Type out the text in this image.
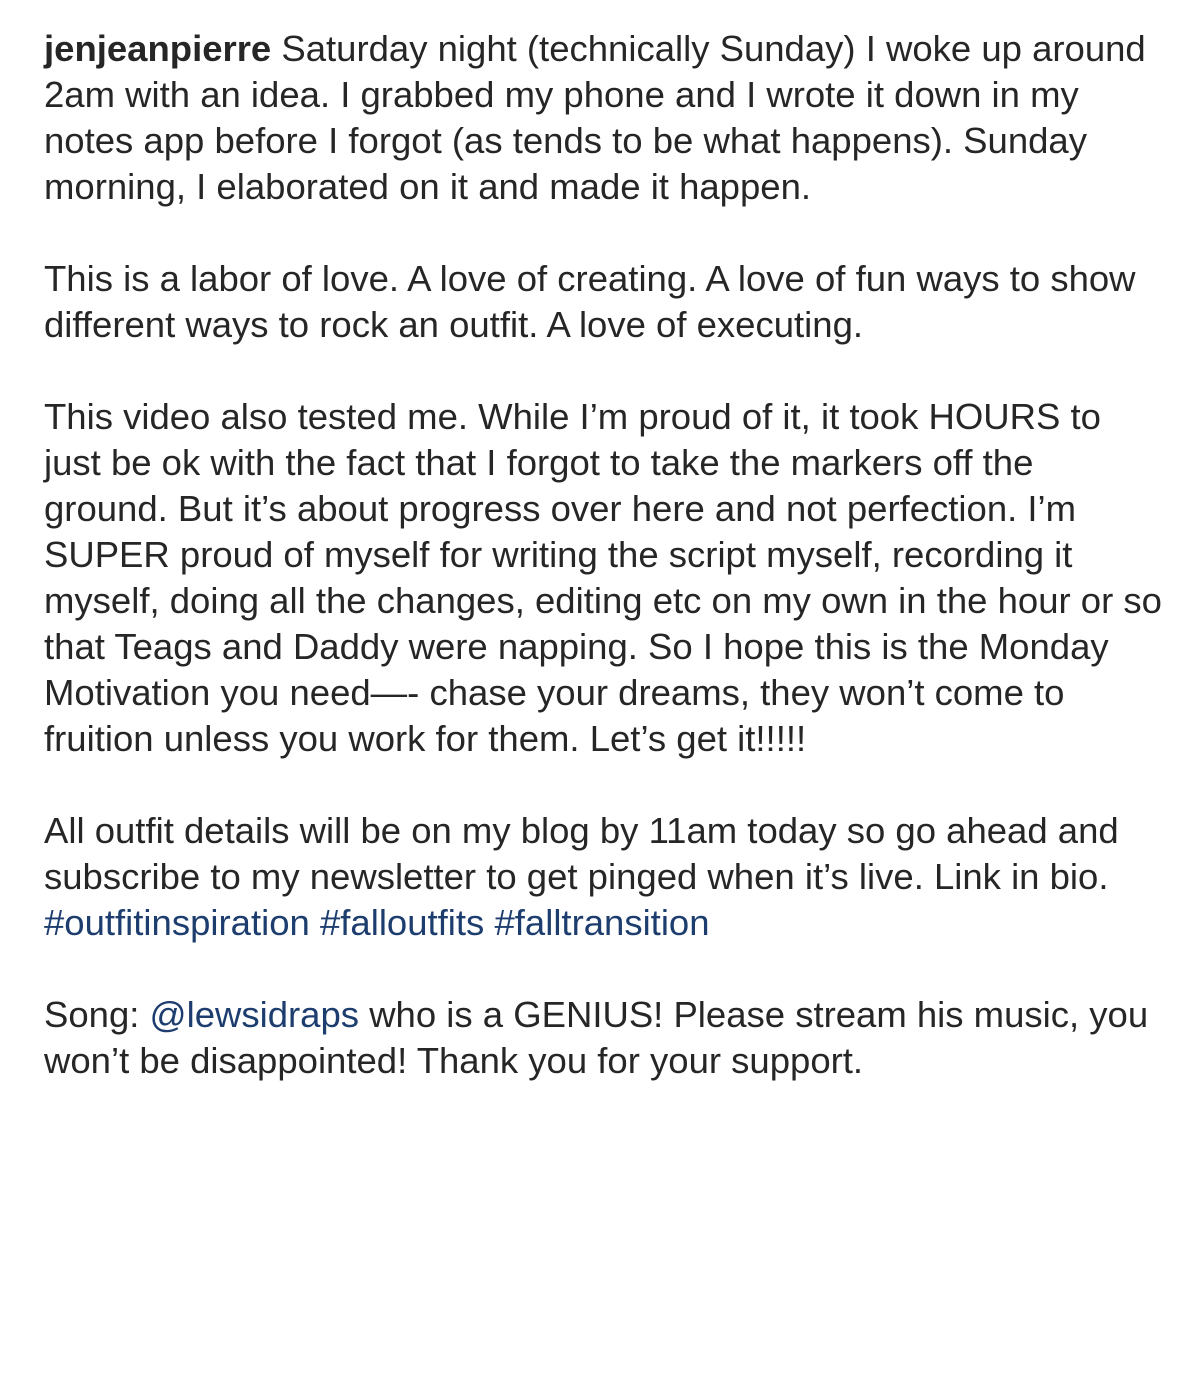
jenjeanpierre Saturday night (technically Sunday) I woke up around 2am with an idea. I grabbed my phone and I wrote it down in my notes app before I forgot (as tends to be what happens). Sunday morning, I elaborated on it and made it happen.

This is a labor of love. A love of creating. A love of fun ways to show different ways to rock an outfit. A love of executing.

This video also tested me. While I’m proud of it, it took HOURS to just be ok with the fact that I forgot to take the markers off the ground. But it’s about progress over here and not perfection. I’m SUPER proud of myself for writing the script myself, recording it myself, doing all the changes, editing etc on my own in the hour or so that Teags and Daddy were napping. So I hope this is the Monday Motivation you need—- chase your dreams, they won’t come to fruition unless you work for them. Let’s get it!!!!!

All outfit details will be on my blog by 11am today so go ahead and subscribe to my newsletter to get pinged when it’s live. Link in bio. #outfitinspiration #falloutfits #falltransition

Song: @lewsidraps who is a GENIUS! Please stream his music, you won’t be disappointed! Thank you for your support.
